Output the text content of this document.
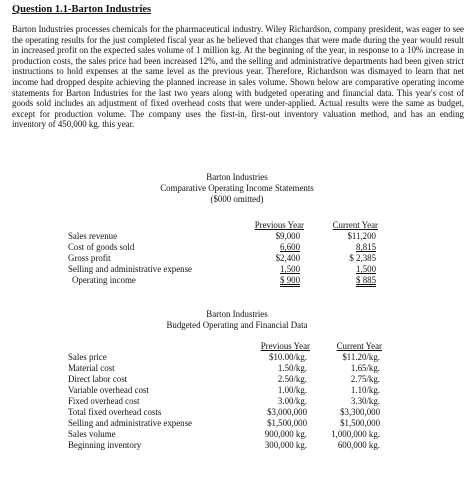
Question 1.1-Barton Industries

Barton Industries processes chemicals for the pharmaceutical industry. Wiley Richardson, company president, was eager to see the operating results for the just completed fiscal year as he believed that changes that were made during the year would result in increased profit on the expected sales volume of 1 million kg. At the beginning of the year, in response to a 10% increase in production costs, the sales price had been increased 12%, and the selling and administrative departments had been given strict instructions to hold expenses at the same level as the previous year. Therefore, Richardson was dismayed to learn that net income had dropped despite achieving the planned increase in sales volume. Shown below are comparative operating income statements for Barton Industries for the last two years along with budgeted operating and financial data. This year's cost of goods sold includes an adjustment of fixed overhead costs that were under-applied. Actual results were the same as budget, except for production volume. The company uses the first-in, first-out inventory valuation method, and has an ending inventory of 450,000 kg. this year.

Barton Industries
Comparative Operating Income Statements
($000 omitted)
Previous Year	Current Year
Sales revenue	$9,000	$11,200
Cost of goods sold	6,600	8,815
Gross profit	$2,400	$ 2,385
Selling and administrative expense	1,500	1,500
Operating income	$ 900	$ 885
Barton Industries
Budgeted Operating and Financial Data
Previous Year	Current Year
Sales price	$10.00/kg.	$11.20/kg.
Material cost	1.50/kg.	1.65/kg.
Direct labor cost	2.50/kg.	2.75/kg.
Variable overhead cost	1.00/kg.	1.10/kg.
Fixed overhead cost	3.00/kg.	3.30/kg.
Total fixed overhead costs	$3,000,000	$3,300,000
Selling and administrative expense	$1,500,000	$1,500,000
Sales volume	900,000 kg.	1,000,000 kg.
Beginning inventory	300,000 kg.	600,000 kg.
